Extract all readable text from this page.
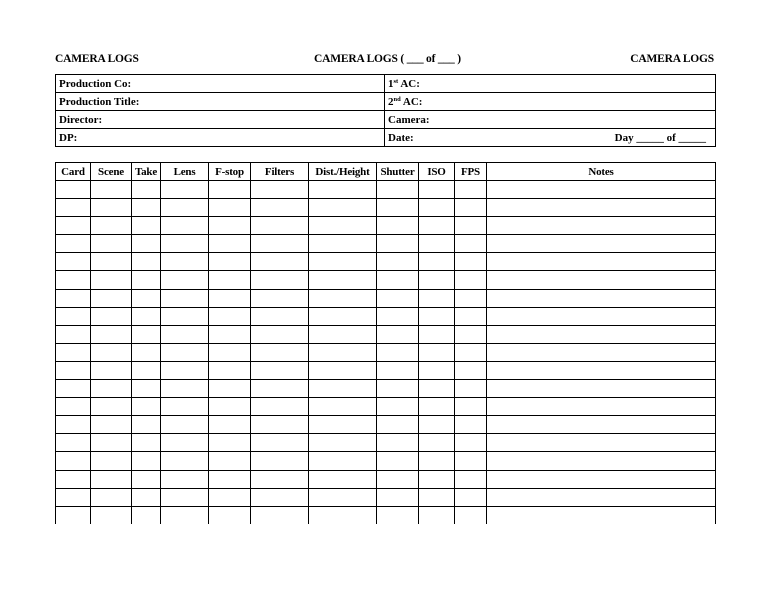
CAMERA LOGS	CAMERA LOGS ( ___ of ___ )	CAMERA LOGS
Production Co:	1st AC:
Production Title:	2nd AC:
Director:	Camera:
DP:	Date: Day _____ of _____
Card	Scene	Take	Lens	F-stop	Filters	Dist./Height	Shutter	ISO	FPS	Notes
